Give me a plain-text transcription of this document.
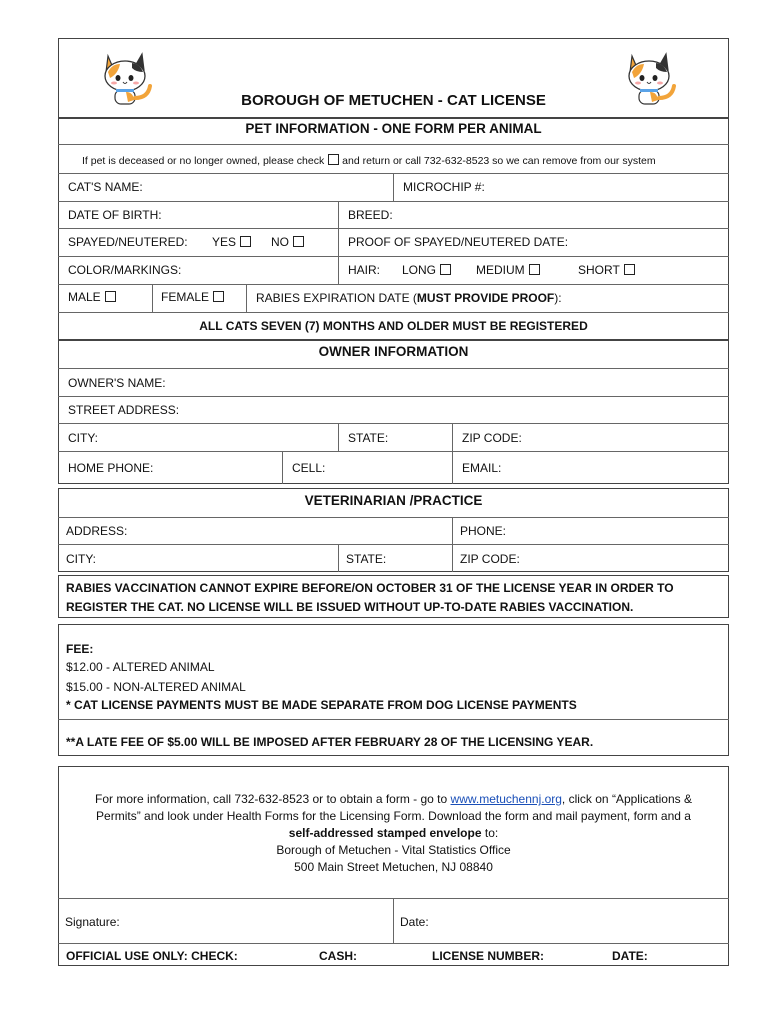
BOROUGH OF METUCHEN - CAT LICENSE
PET INFORMATION - ONE FORM PER ANIMAL
If pet is deceased or no longer owned, please check and return or call 732-632-8523 so we can remove from our system
CAT'S NAME:	MICROCHIP #:
DATE OF BIRTH:	BREED:
SPAYED/NEUTERED: YES	NO	PROOF OF SPAYED/NEUTERED DATE:
COLOR/MARKINGS:	HAIR: LONG	MEDIUM	SHORT
MALE	FEMALE	RABIES EXPIRATION DATE (MUST PROVIDE PROOF):
ALL CATS SEVEN (7) MONTHS AND OLDER MUST BE REGISTERED
OWNER INFORMATION
OWNER'S NAME:
STREET ADDRESS:
CITY:	STATE:	ZIP CODE:
HOME PHONE:	CELL:	EMAIL:
VETERINARIAN /PRACTICE
ADDRESS:	PHONE:
CITY:	STATE:	ZIP CODE:
RABIES VACCINATION CANNOT EXPIRE BEFORE/ON OCTOBER 31 OF THE LICENSE YEAR IN ORDER TO
REGISTER THE CAT. NO LICENSE WILL BE ISSUED WITHOUT UP-TO-DATE RABIES VACCINATION.
FEE:
$12.00 - ALTERED ANIMAL
$15.00 - NON-ALTERED ANIMAL
* CAT LICENSE PAYMENTS MUST BE MADE SEPARATE FROM DOG LICENSE PAYMENTS
**A LATE FEE OF $5.00 WILL BE IMPOSED AFTER FEBRUARY 28 OF THE LICENSING YEAR.
For more information, call 732-632-8523 or to obtain a form - go to www.metuchennj.org, click on “Applications &
Permits” and look under Health Forms for the Licensing Form. Download the form and mail payment, form and a
self-addressed stamped envelope to:
Borough of Metuchen - Vital Statistics Office
500 Main Street Metuchen, NJ 08840
Signature:	Date:
OFFICIAL USE ONLY: CHECK:	CASH:	LICENSE NUMBER:	DATE:
